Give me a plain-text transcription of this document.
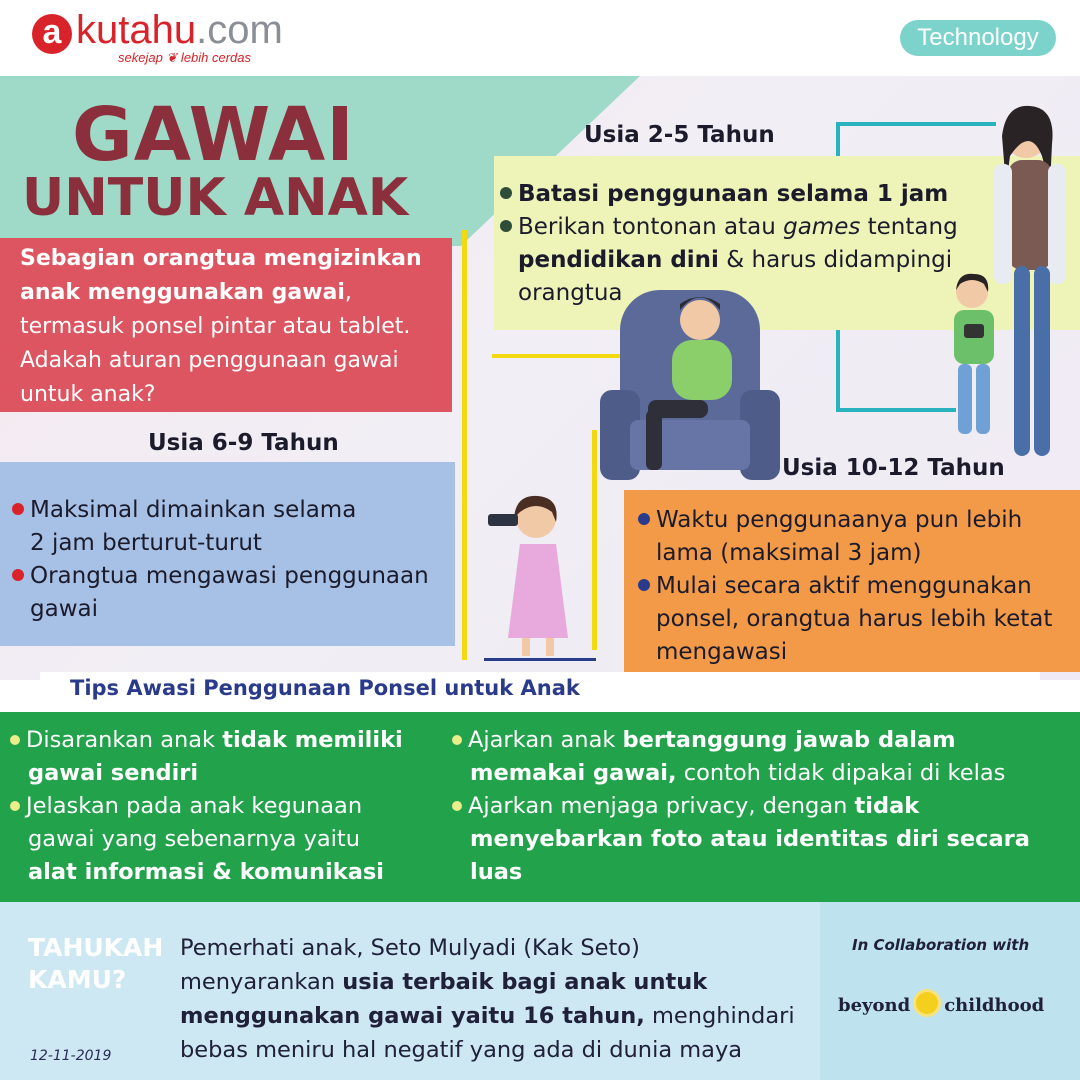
a kutahu.com
sekejap ❦ lebih cerdas
Technology
GAWAI
UNTUK ANAK
Sebagian orangtua mengizinkan anak menggunakan gawai, termasuk ponsel pintar atau tablet. Adakah aturan penggunaan gawai untuk anak?
Usia 2-5 Tahun
Batasi penggunaan selama 1 jam
Berikan tontonan atau games tentang
pendidikan dini & harus didampingi orangtua
Usia 6-9 Tahun
Maksimal dimainkan selama
2 jam berturut-turut
Orangtua mengawasi penggunaan
gawai
Usia 10-12 Tahun
Waktu penggunaanya pun lebih
lama (maksimal 3 jam)
Mulai secara aktif menggunakan
ponsel, orangtua harus lebih ketat
mengawasi
Tips Awasi Penggunaan Ponsel untuk Anak
Disarankan anak tidak memiliki
gawai sendiri
Jelaskan pada anak kegunaan
gawai yang sebenarnya yaitu
alat informasi & komunikasi
Ajarkan anak bertanggung jawab dalam
memakai gawai, contoh tidak dipakai di kelas
Ajarkan menjaga privacy, dengan tidak
menyebarkan foto atau identitas diri secara
luas
TAHUKAH
KAMU?
12-11-2019
Pemerhati anak, Seto Mulyadi (Kak Seto)
menyarankan usia terbaik bagi anak untuk
menggunakan gawai yaitu 16 tahun, menghindari
bebas meniru hal negatif yang ada di dunia maya
In Collaboration with
beyond childhood
